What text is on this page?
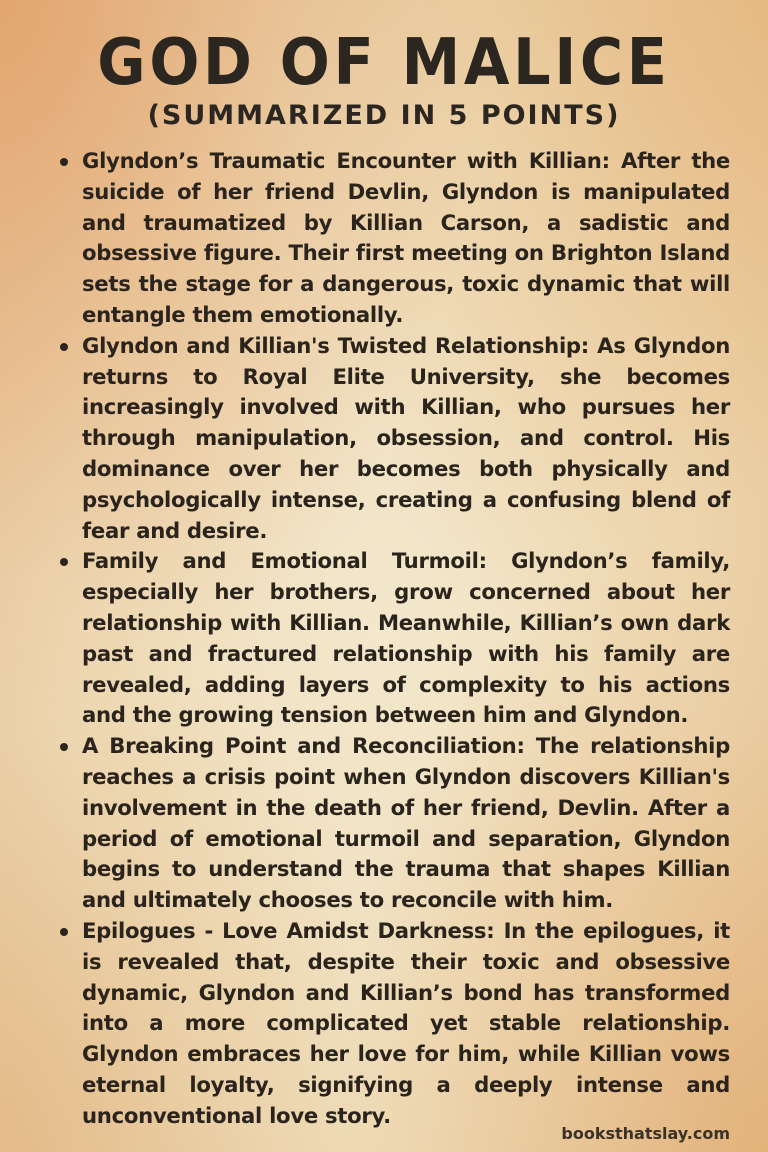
GOD OF MALICE
(SUMMARIZED IN 5 POINTS)
Glyndon’s Traumatic Encounter with Killian: After the suicide of her friend Devlin, Glyndon is manipulated and traumatized by Killian Carson, a sadistic and obsessive figure. Their first meeting on Brighton Island sets the stage for a dangerous, toxic dynamic that will entangle them emotionally.
Glyndon and Killian's Twisted Relationship: As Glyndon returns to Royal Elite University, she becomes increasingly involved with Killian, who pursues her through manipulation, obsession, and control. His dominance over her becomes both physically and psychologically intense, creating a confusing blend of fear and desire.
Family and Emotional Turmoil: Glyndon’s family, especially her brothers, grow concerned about her relationship with Killian. Meanwhile, Killian’s own dark past and fractured relationship with his family are revealed, adding layers of complexity to his actions and the growing tension between him and Glyndon.
A Breaking Point and Reconciliation: The relationship reaches a crisis point when Glyndon discovers Killian's involvement in the death of her friend, Devlin. After a period of emotional turmoil and separation, Glyndon begins to understand the trauma that shapes Killian and ultimately chooses to reconcile with him.
Epilogues - Love Amidst Darkness: In the epilogues, it is revealed that, despite their toxic and obsessive dynamic, Glyndon and Killian’s bond has transformed into a more complicated yet stable relationship. Glyndon embraces her love for him, while Killian vows eternal loyalty, signifying a deeply intense and unconventional love story.
booksthatslay.com
